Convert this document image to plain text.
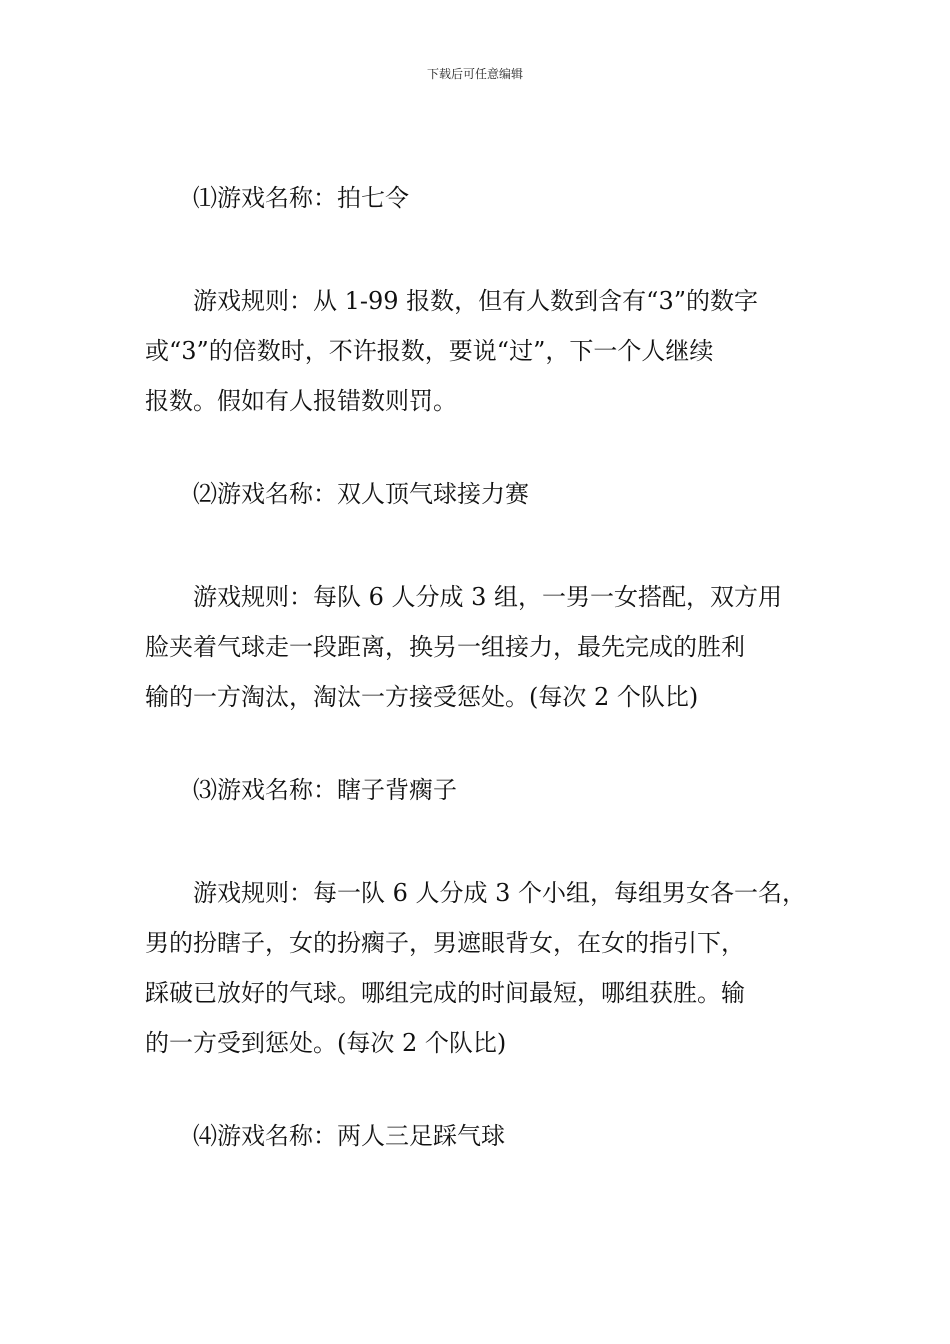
下载后可任意编辑
⑴游戏名称：拍七令
游戏规则：从 1-99 报数，但有人数到含有“3”的数字
或“3”的倍数时，不许报数，要说“过”，下一个人继续
报数。假如有人报错数则罚。
⑵游戏名称：双人顶气球接力赛
游戏规则：每队 6 人分成 3 组，一男一女搭配，双方用
脸夹着气球走一段距离，换另一组接力，最先完成的胜利
输的一方淘汰，淘汰一方接受惩处。(每次 2 个队比)
⑶游戏名称：瞎子背瘸子
游戏规则：每一队 6 人分成 3 个小组，每组男女各一名，
男的扮瞎子，女的扮瘸子，男遮眼背女，在女的指引下，
踩破已放好的气球。哪组完成的时间最短，哪组获胜。输
的一方受到惩处。(每次 2 个队比)
⑷游戏名称：两人三足踩气球
